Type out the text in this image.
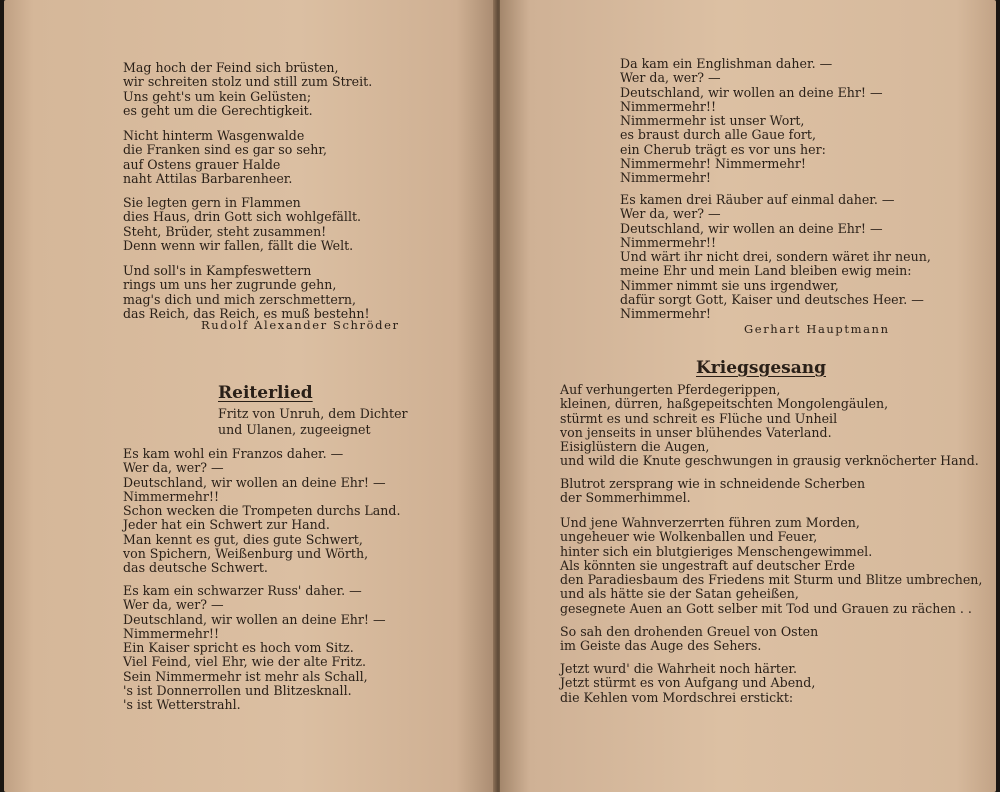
Mag hoch der Feind sich brüsten,
wir schreiten stolz und still zum Streit.
Uns geht's um kein Gelüsten;
es geht um die Gerechtigkeit.
Nicht hinterm Wasgenwalde
die Franken sind es gar so sehr,
auf Ostens grauer Halde
naht Attilas Barbarenheer.
Sie legten gern in Flammen
dies Haus, drin Gott sich wohlgefällt.
Steht, Brüder, steht zusammen!
Denn wenn wir fallen, fällt die Welt.
Und soll's in Kampfeswettern
rings um uns her zugrunde gehn,
mag's dich und mich zerschmettern,
das Reich, das Reich, es muß bestehn!
Rudolf Alexander Schröder
Reiterlied
Fritz von Unruh, dem Dichter
und Ulanen, zugeeignet
Es kam wohl ein Franzos daher. —
Wer da, wer? —
Deutschland, wir wollen an deine Ehr! —
Nimmermehr!!
Schon wecken die Trompeten durchs Land.
Jeder hat ein Schwert zur Hand.
Man kennt es gut, dies gute Schwert,
von Spichern, Weißenburg und Wörth,
das deutsche Schwert.
Es kam ein schwarzer Russ' daher. —
Wer da, wer? —
Deutschland, wir wollen an deine Ehr! —
Nimmermehr!!
Ein Kaiser spricht es hoch vom Sitz.
Viel Feind, viel Ehr, wie der alte Fritz.
Sein Nimmermehr ist mehr als Schall,
's ist Donnerrollen und Blitzesknall.
's ist Wetterstrahl.
Da kam ein Englishman daher. —
Wer da, wer? —
Deutschland, wir wollen an deine Ehr! —
Nimmermehr!!
Nimmermehr ist unser Wort,
es braust durch alle Gaue fort,
ein Cherub trägt es vor uns her:
Nimmermehr! Nimmermehr!
Nimmermehr!
Es kamen drei Räuber auf einmal daher. —
Wer da, wer? —
Deutschland, wir wollen an deine Ehr! —
Nimmermehr!!
Und wärt ihr nicht drei, sondern wäret ihr neun,
meine Ehr und mein Land bleiben ewig mein:
Nimmer nimmt sie uns irgendwer,
dafür sorgt Gott, Kaiser und deutsches Heer. —
Nimmermehr!
Gerhart Hauptmann
Kriegsgesang
Auf verhungerten Pferdegerippen,
kleinen, dürren, haßgepeitschten Mongolengäulen,
stürmt es und schreit es Flüche und Unheil
von jenseits in unser blühendes Vaterland.
Eisiglüstern die Augen,
und wild die Knute geschwungen in grausig verknöcherter Hand.
Blutrot zersprang wie in schneidende Scherben
der Sommerhimmel.
Und jene Wahnverzerrten führen zum Morden,
ungeheuer wie Wolkenballen und Feuer,
hinter sich ein blutgieriges Menschengewimmel.
Als könnten sie ungestraft auf deutscher Erde
den Paradiesbaum des Friedens mit Sturm und Blitze umbrechen,
und als hätte sie der Satan geheißen,
gesegnete Auen an Gott selber mit Tod und Grauen zu rächen . .
So sah den drohenden Greuel von Osten
im Geiste das Auge des Sehers.
Jetzt wurd' die Wahrheit noch härter.
Jetzt stürmt es von Aufgang und Abend,
die Kehlen vom Mordschrei erstickt:
